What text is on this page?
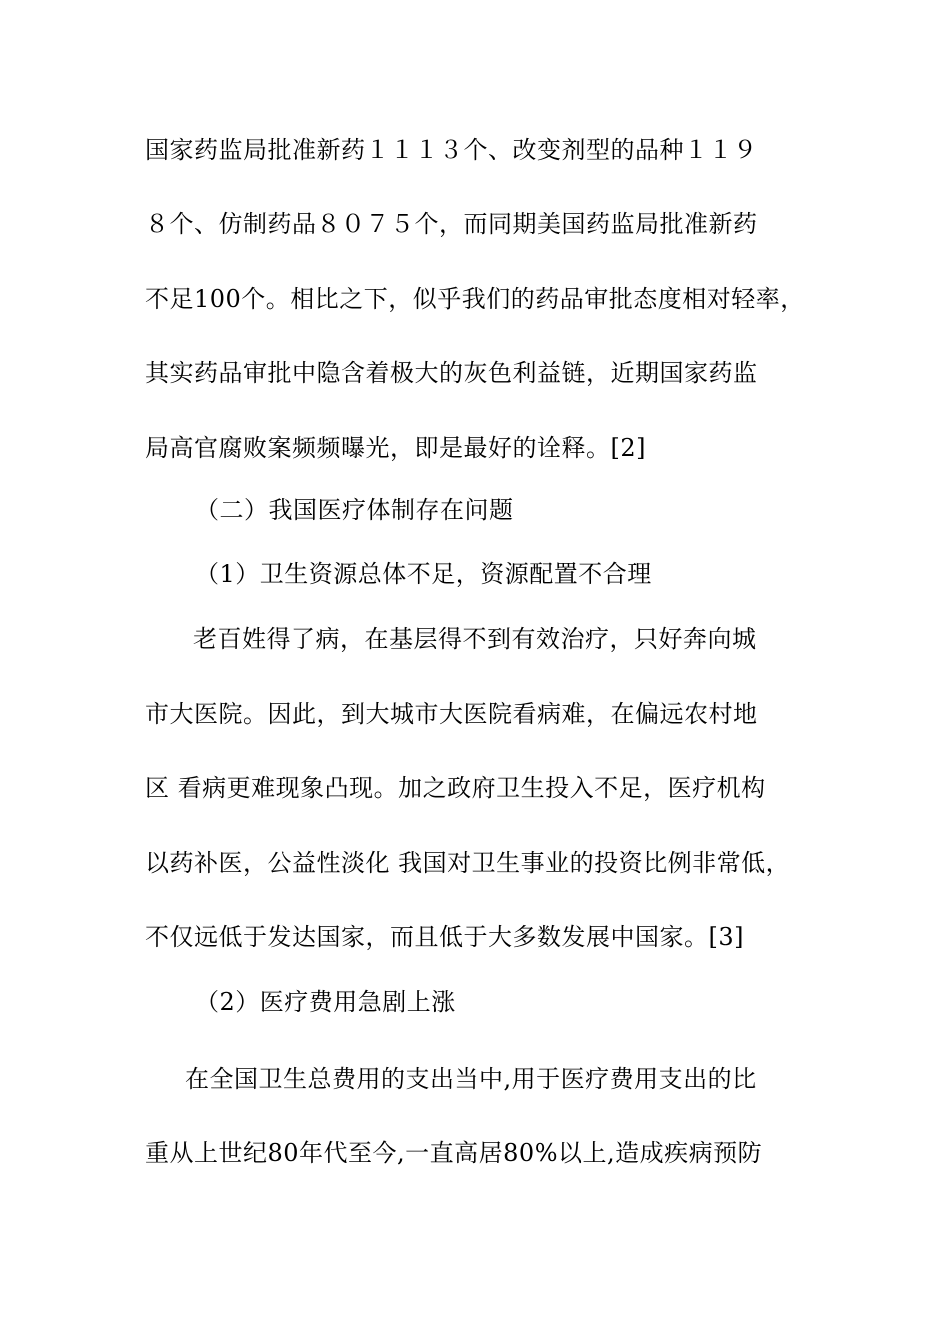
国家药监局批准新药１１１３个、改变剂型的品种１１９
８个、仿制药品８０７５个，而同期美国药监局批准新药
不足100个。相比之下，似乎我们的药品审批态度相对轻率，
其实药品审批中隐含着极大的灰色利益链，近期国家药监
局高官腐败案频频曝光，即是最好的诠释。[2]
（二）我国医疗体制存在问题
（1）卫生资源总体不足，资源配置不合理
老百姓得了病，在基层得不到有效治疗，只好奔向城
市大医院。因此，到大城市大医院看病难，在偏远农村地
区 看病更难现象凸现。加之政府卫生投入不足，医疗机构
以药补医，公益性淡化 我国对卫生事业的投资比例非常低，
不仅远低于发达国家，而且低于大多数发展中国家。[3]
（2）医疗费用急剧上涨
在全国卫生总费用的支出当中,用于医疗费用支出的比
重从上世纪80年代至今,一直高居80%以上,造成疾病预防
